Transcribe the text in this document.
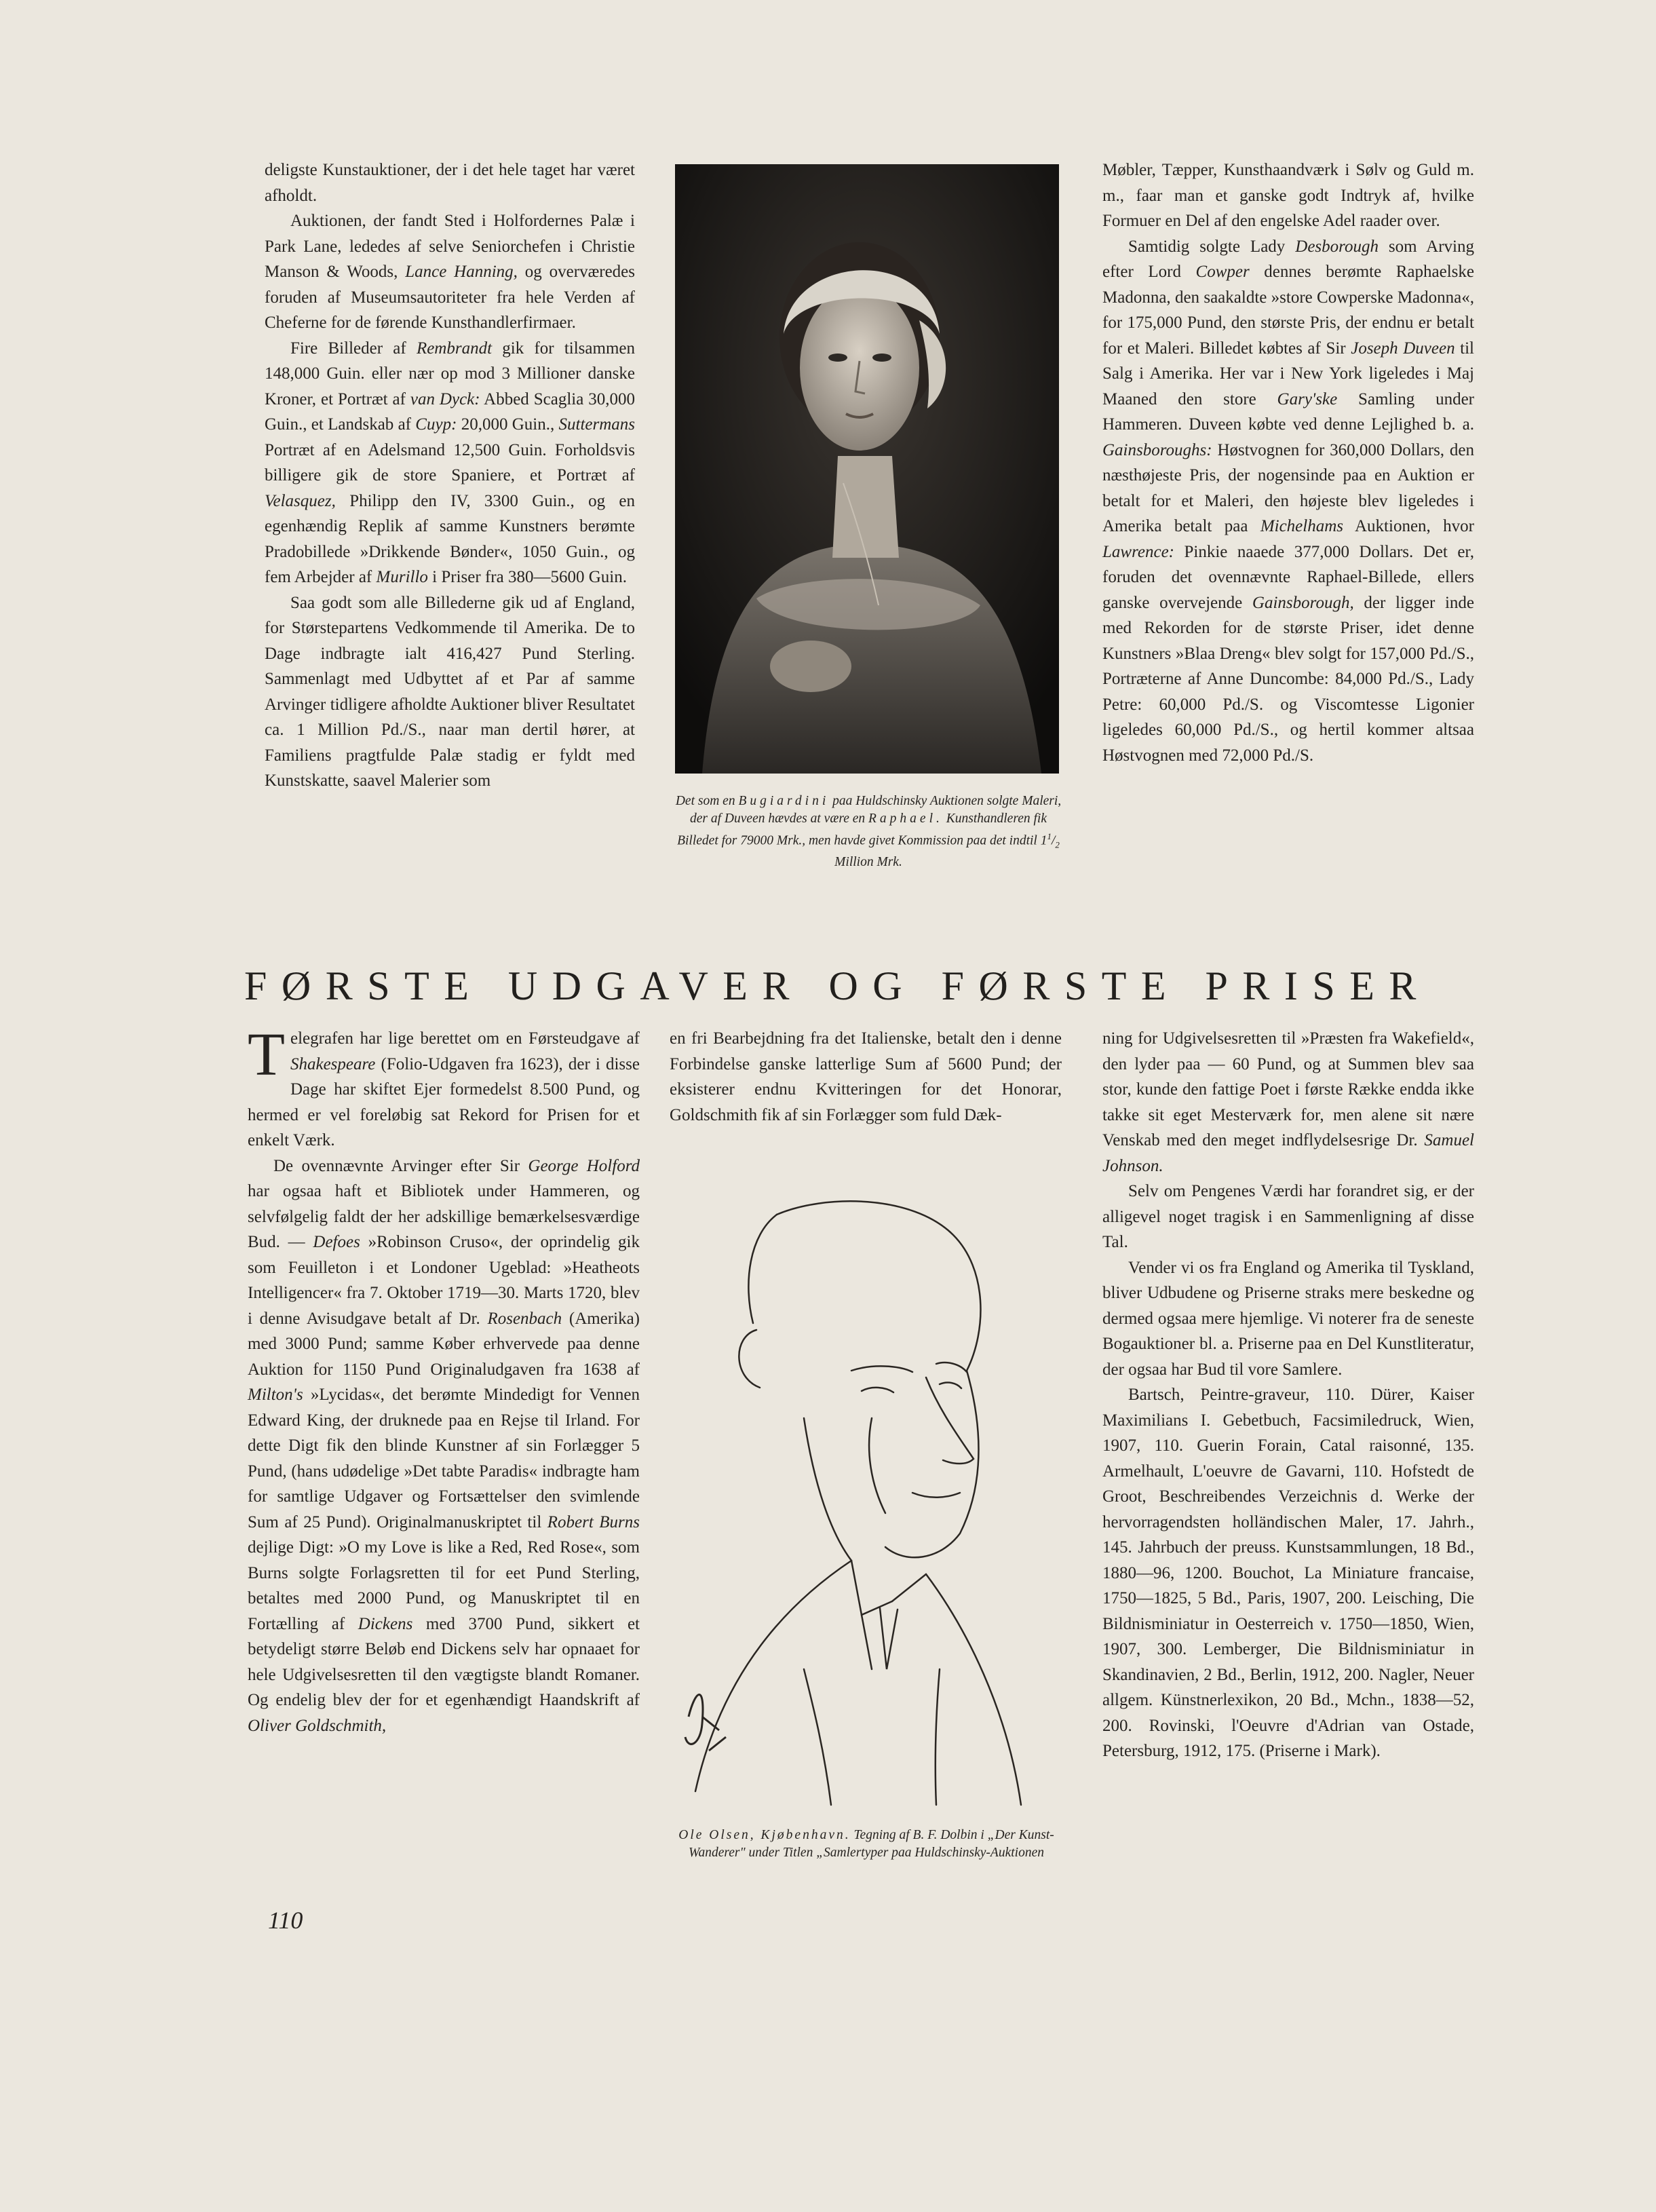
deligste Kunstauktioner, der i det hele taget har været afholdt.

Auktionen, der fandt Sted i Holfordernes Palæ i Park Lane, lededes af selve Seniorchefen i Christie Manson & Woods, Lance Hanning, og overværedes foruden af Museumsautoriteter fra hele Verden af Cheferne for de førende Kunsthandlerfirmaer.

Fire Billeder af Rembrandt gik for tilsammen 148,000 Guin. eller nær op mod 3 Millioner danske Kroner, et Portræt af van Dyck: Abbed Scaglia 30,000 Guin., et Landskab af Cuyp: 20,000 Guin., Suttermans Portræt af en Adelsmand 12,500 Guin. Forholdsvis billigere gik de store Spaniere, et Portræt af Velasquez, Philipp den IV, 3300 Guin., og en egenhændig Replik af samme Kunstners berømte Pradobillede »Drikkende Bønder«, 1050 Guin., og fem Arbejder af Murillo i Priser fra 380—5600 Guin.

Saa godt som alle Billederne gik ud af England, for Størstepartens Vedkommende til Amerika. De to Dage indbragte ialt 416,427 Pund Sterling. Sammenlagt med Udbyttet af et Par af samme Arvinger tidligere afholdte Auktioner bliver Resultatet ca. 1 Million Pd./S., naar man dertil hører, at Familiens pragtfulde Palæ stadig er fyldt med Kunstskatte, saavel Malerier som

Det som en Bugiardini paa Huldschinsky Auktionen solgte Maleri, der af Duveen hævdes at være en Raphael. Kunsthandleren fik Billedet for 79000 Mrk., men havde givet Kommission paa det indtil $1^1/_2$ Million Mrk.

Møbler, Tæpper, Kunsthaandværk i Sølv og Guld m. m., faar man et ganske godt Indtryk af, hvilke Formuer en Del af den engelske Adel raader over.

Samtidig solgte Lady Desborough som Arving efter Lord Cowper dennes berømte Raphaelske Madonna, den saakaldte »store Cowperske Madonna«, for 175,000 Pund, den største Pris, der endnu er betalt for et Maleri. Billedet købtes af Sir Joseph Duveen til Salg i Amerika. Her var i New York ligeledes i Maj Maaned den store Gary'ske Samling under Hammeren. Duveen købte ved denne Lejlighed b. a. Gainsboroughs: Høstvognen for 360,000 Dollars, den næsthøjeste Pris, der nogensinde paa en Auktion er betalt for et Maleri, den højeste blev ligeledes i Amerika betalt paa Michelhams Auktionen, hvor Lawrence: Pinkie naaede 377,000 Dollars. Det er, foruden det ovennævnte Raphael-Billede, ellers ganske overvejende Gainsborough, der ligger inde med Rekorden for de største Priser, idet denne Kunstners »Blaa Dreng« blev solgt for 157,000 Pd./S., Portræterne af Anne Duncombe: 84,000 Pd./S., Lady Petre: 60,000 Pd./S. og Viscomtesse Ligonier ligeledes 60,000 Pd./S., og hertil kommer altsaa Høstvognen med 72,000 Pd./S.

FØRSTE UDGAVER OG FØRSTE PRISER

Telegrafen har lige berettet om en Førsteudgave af Shakespeare (Folio-Udgaven fra 1623), der i disse Dage har skiftet Ejer formedelst 8.500 Pund, og hermed er vel foreløbig sat Rekord for Prisen for et enkelt Værk.

De ovennævnte Arvinger efter Sir George Holford har ogsaa haft et Bibliotek under Hammeren, og selvfølgelig faldt der her adskillige bemærkelsesværdige Bud. — Defoes »Robinson Cruso«, der oprindelig gik som Feuilleton i et Londoner Ugeblad: »Heatheots Intelligencer« fra 7. Oktober 1719—30. Marts 1720, blev i denne Avisudgave betalt af Dr. Rosenbach (Amerika) med 3000 Pund; samme Køber erhvervede paa denne Auktion for 1150 Pund Originaludgaven fra 1638 af Milton's »Lycidas«, det berømte Mindedigt for Vennen Edward King, der druknede paa en Rejse til Irland. For dette Digt fik den blinde Kunstner af sin Forlægger 5 Pund, (hans udødelige »Det tabte Paradis« indbragte ham for samtlige Udgaver og Fortsættelser den svimlende Sum af 25 Pund). Originalmanuskriptet til Robert Burns dejlige Digt: »O my Love is like a Red, Red Rose«, som Burns solgte Forlagsretten til for eet Pund Sterling, betaltes med 2000 Pund, og Manuskriptet til en Fortælling af Dickens med 3700 Pund, sikkert et betydeligt større Beløb end Dickens selv har opnaaet for hele Udgivelsesretten til den vægtigste blandt Romaner. Og endelig blev der for et egenhændigt Haandskrift af Oliver Goldschmith,

en fri Bearbejdning fra det Italienske, betalt den i denne Forbindelse ganske latterlige Sum af 5600 Pund; der eksisterer endnu Kvitteringen for det Honorar, Goldschmith fik af sin Forlægger som fuld Dæk-

Ole Olsen, Kjøbenhavn. Tegning af B. F. Dolbin i „Der Kunst-Wanderer" under Titlen „Samlertyper paa Huldschinsky-Auktionen

ning for Udgivelsesretten til »Præsten fra Wakefield«, den lyder paa — 60 Pund, og at Summen blev saa stor, kunde den fattige Poet i første Række endda ikke takke sit eget Mesterværk for, men alene sit nære Venskab med den meget indflydelsesrige Dr. Samuel Johnson.

Selv om Pengenes Værdi har forandret sig, er der alligevel noget tragisk i en Sammenligning af disse Tal.

Vender vi os fra England og Amerika til Tyskland, bliver Udbudene og Priserne straks mere beskedne og dermed ogsaa mere hjemlige. Vi noterer fra de seneste Bogauktioner bl. a. Priserne paa en Del Kunstliteratur, der ogsaa har Bud til vore Samlere.

Bartsch, Peintre-graveur, 110. Dürer, Kaiser Maximilians I. Gebetbuch, Facsimiledruck, Wien, 1907, 110. Guerin Forain, Catal raisonné, 135. Armelhault, L'oeuvre de Gavarni, 110. Hofstedt de Groot, Beschreibendes Verzeichnis d. Werke der hervorragendsten holländischen Maler, 17. Jahrh., 145. Jahrbuch der preuss. Kunstsammlungen, 18 Bd., 1880—96, 1200. Bouchot, La Miniature francaise, 1750—1825, 5 Bd., Paris, 1907, 200. Leisching, Die Bildnisminiatur in Oesterreich v. 1750—1850, Wien, 1907, 300. Lemberger, Die Bildnisminiatur in Skandinavien, 2 Bd., Berlin, 1912, 200. Nagler, Neuer allgem. Künstnerlexikon, 20 Bd., Mchn., 1838—52, 200. Rovinski, l'Oeuvre d'Adrian van Ostade, Petersburg, 1912, 175. (Priserne i Mark).

110
